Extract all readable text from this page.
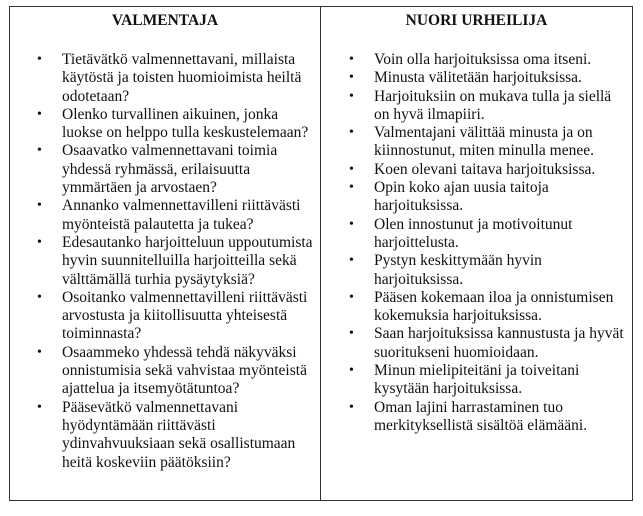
VALMENTAJA
• Tietävätkö valmennettavani, millaista käytöstä ja toisten huomioimista heiltä odotetaan?
• Olenko turvallinen aikuinen, jonka luokse on helppo tulla keskustelemaan?
• Osaavatko valmennettavani toimia yhdessä ryhmässä, erilaisuutta ymmärtäen ja arvostaen?
• Annanko valmennettavilleni riittävästi myönteistä palautetta ja tukea?
• Edesautanko harjoitteluun uppoutumista hyvin suunnitelluilla harjoitteilla sekä välttämällä turhia pysäytyksiä?
• Osoitanko valmennettavilleni riittävästi arvostusta ja kiitollisuutta yhteisestä toiminnasta?
• Osaammeko yhdessä tehdä näkyväksi onnistumisia sekä vahvistaa myönteistä ajattelua ja itsemyötätuntoa?
• Pääsevätkö valmennettavani hyödyntämään riittävästi ydinvahvuuksiaan sekä osallistumaan heitä koskeviin päätöksiin?
NUORI URHEILIJA
• Voin olla harjoituksissa oma itseni.
• Minusta välitetään harjoituksissa.
• Harjoituksiin on mukava tulla ja siellä on hyvä ilmapiiri.
• Valmentajani välittää minusta ja on kiinnostunut, miten minulla menee.
• Koen olevani taitava harjoituksissa.
• Opin koko ajan uusia taitoja harjoituksissa.
• Olen innostunut ja motivoitunut harjoittelusta.
• Pystyn keskittymään hyvin harjoituksissa.
• Pääsen kokemaan iloa ja onnistumisen kokemuksia harjoituksissa.
• Saan harjoituksissa kannustusta ja hyvät suoritukseni huomioidaan.
• Minun mielipiteitäni ja toiveitani kysytään harjoituksissa.
• Oman lajini harrastaminen tuo merkityksellistä sisältöä elämääni.
